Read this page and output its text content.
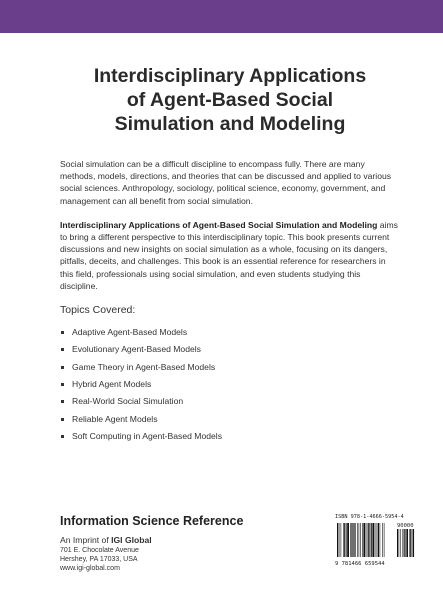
Interdisciplinary Applications
of Agent-Based Social
Simulation and Modeling

Social simulation can be a difficult discipline to encompass fully. There are many methods, models, directions, and theories that can be discussed and applied to various social sciences. Anthropology, sociology, political science, economy, government, and management can all benefit from social simulation.

Interdisciplinary Applications of Agent-Based Social Simulation and Modeling aims to bring a different perspective to this interdisciplinary topic. This book presents current discussions and new insights on social simulation as a whole, focusing on its dangers, pitfalls, deceits, and challenges. This book is an essential reference for researchers in this field, professionals using social simulation, and even students studying this discipline.

Topics Covered:
Adaptive Agent-Based Models
Evolutionary Agent-Based Models
Game Theory in Agent-Based Models
Hybrid Agent Models
Real-World Social Simulation
Reliable Agent Models
Soft Computing in Agent-Based Models
Information Science Reference
An Imprint of IGI Global
701 E. Chocolate Avenue
Hershey, PA 17033, USA
www.igi-global.com
ISBN 978-1-4666-5954-4
90000
9 781466 659544
